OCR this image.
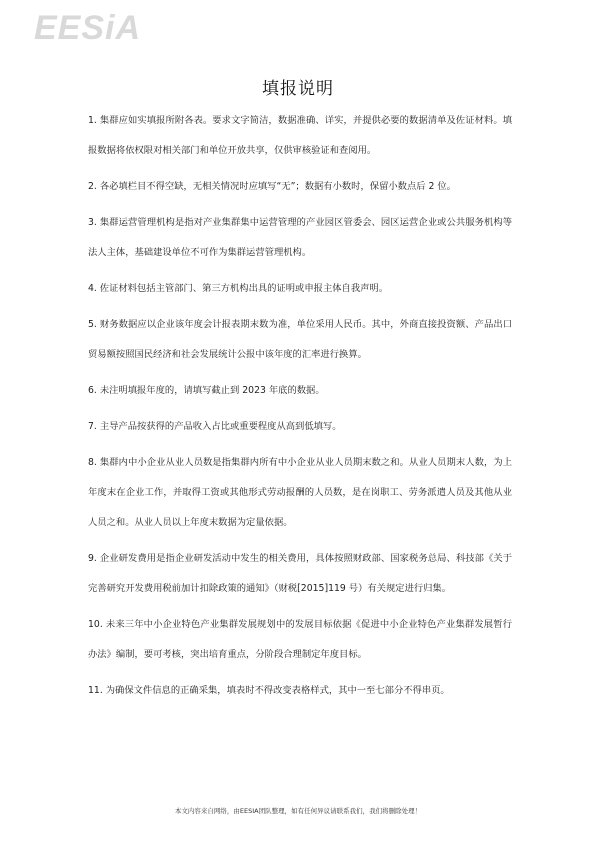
EESiA
填报说明

1. 集群应如实填报所附各表。要求文字简洁，数据准确、详实，并提供必要的数据清单及佐证材料。填报数据将依权限对相关部门和单位开放共享，仅供审核验证和查阅用。

2. 各必填栏目不得空缺，无相关情况时应填写“无”；数据有小数时，保留小数点后 2 位。

3. 集群运营管理机构是指对产业集群集中运营管理的产业园区管委会、园区运营企业或公共服务机构等法人主体，基础建设单位不可作为集群运营管理机构。

4. 佐证材料包括主管部门、第三方机构出具的证明或申报主体自我声明。

5. 财务数据应以企业该年度会计报表期末数为准，单位采用人民币。其中，外商直接投资额、产品出口贸易额按照国民经济和社会发展统计公报中该年度的汇率进行换算。

6. 未注明填报年度的，请填写截止到 2023 年底的数据。

7. 主导产品按获得的产品收入占比或重要程度从高到低填写。

8. 集群内中小企业从业人员数是指集群内所有中小企业从业人员期末数之和。从业人员期末人数，为上年度末在企业工作，并取得工资或其他形式劳动报酬的人员数，是在岗职工、劳务派遣人员及其他从业人员之和。从业人员以上年度末数据为定量依据。

9. 企业研发费用是指企业研发活动中发生的相关费用，具体按照财政部、国家税务总局、科技部《关于完善研究开发费用税前加计扣除政策的通知》（财税[2015]119 号）有关规定进行归集。

10. 未来三年中小企业特色产业集群发展规划中的发展目标依据《促进中小企业特色产业集群发展暂行办法》编制，要可考核，突出培育重点，分阶段合理制定年度目标。

11. 为确保文件信息的正确采集，填表时不得改变表格样式，其中一至七部分不得串页。

本文内容来自网络，由EESIA团队整理，如有任何异议请联系我们，我们将删除处理！
